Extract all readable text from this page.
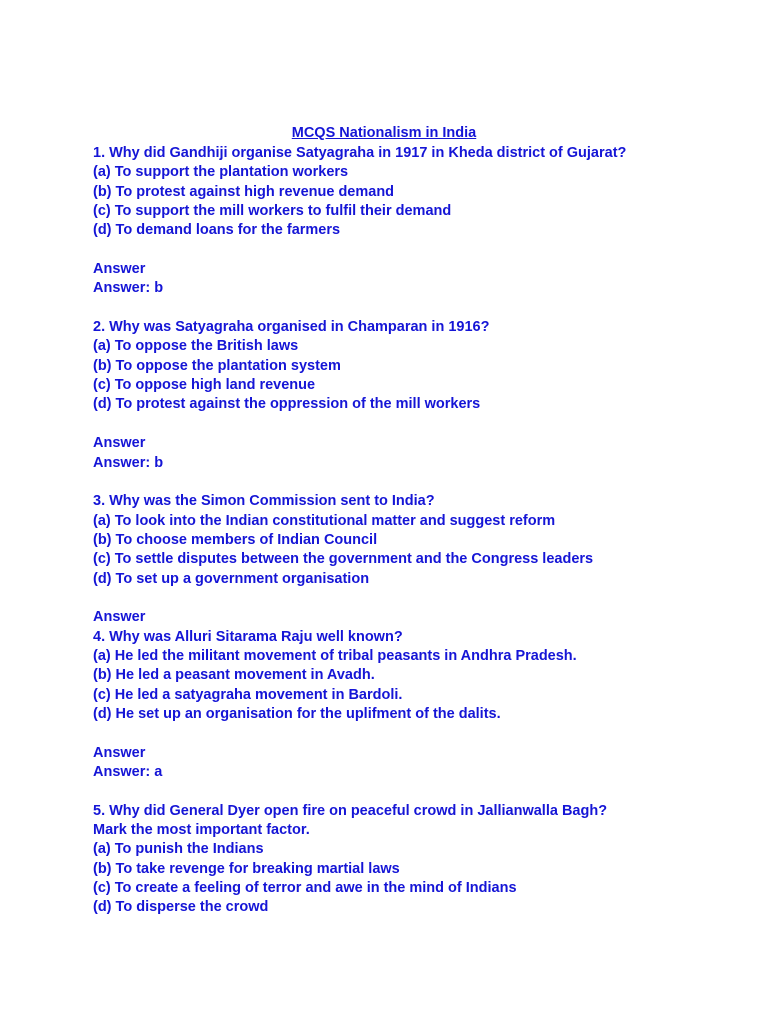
MCQS Nationalism in India
1. Why did Gandhiji organise Satyagraha in 1917 in Kheda district of Gujarat?
(a) To support the plantation workers
(b) To protest against high revenue demand
(c) To support the mill workers to fulfil their demand
(d) To demand loans for the farmers
Answer
Answer: b
2. Why was Satyagraha organised in Champaran in 1916?
(a) To oppose the British laws
(b) To oppose the plantation system
(c) To oppose high land revenue
(d) To protest against the oppression of the mill workers
Answer
Answer: b
3. Why was the Simon Commission sent to India?
(a) To look into the Indian constitutional matter and suggest reform
(b) To choose members of Indian Council
(c) To settle disputes between the government and the Congress leaders
(d) To set up a government organisation
Answer
4. Why was Alluri Sitarama Raju well known?
(a) He led the militant movement of tribal peasants in Andhra Pradesh.
(b) He led a peasant movement in Avadh.
(c) He led a satyagraha movement in Bardoli.
(d) He set up an organisation for the uplifment of the dalits.
Answer
Answer: a
5. Why did General Dyer open fire on peaceful crowd in Jallianwalla Bagh?
Mark the most important factor.
(a) To punish the Indians
(b) To take revenge for breaking martial laws
(c) To create a feeling of terror and awe in the mind of Indians
(d) To disperse the crowd
